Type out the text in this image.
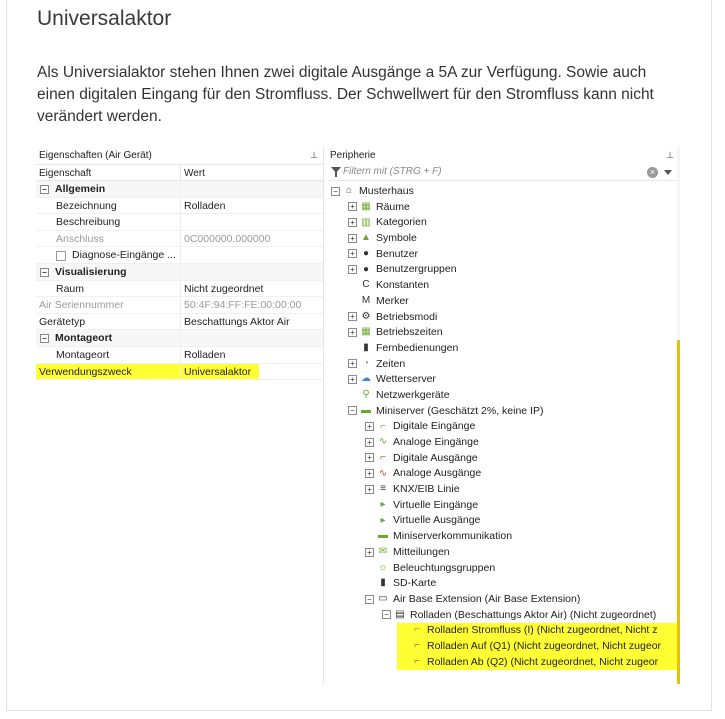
Universalaktor

Als Universialaktor stehen Ihnen zwei digitale Ausgänge a 5A zur Verfügung. Sowie auch einen digitalen Eingang für den Stromfluss. Der Schwellwert für den Stromfluss kann nicht verändert werden.

Eigenschaften (Air Gerät)	⊥
Eigenschaft	Wert
− Allgemein
Bezeichnung	Rolladen
Beschreibung
Anschluss	0C000000.000000
Diagnose-Eingänge ...
− Visualisierung
Raum	Nicht zugeordnet
Air Seriennummer	50:4F:94:FF:FE:00:00:00
Gerätetyp	Beschattungs Aktor Air
− Montageort
Montageort	Rolladen
Verwendungszweck	Universalaktor
Peripherie	⊥
Filtern mit (STRG + F)	×
− ⌂ Musterhaus
+ ▦ Räume
+ ▥ Kategorien
+ ▲ Symbole
+ ● Benutzer
+ ● Benutzergruppen
C Konstanten
M Merker
+ ⚙ Betriebsmodi
+ ▦ Betriebszeiten
▮ Fernbedienungen
+ ◔ Zeiten
+ ☁ Wetterserver
⚲ Netzwerkgeräte
− ▬ Miniserver (Geschätzt 2%, keine IP)
+ ⌐ Digitale Eingänge
+ ∿ Analoge Eingänge
+ ⌐ Digitale Ausgänge
+ ∿ Analoge Ausgänge
+ ≡ KNX/EIB Linie
▸ Virtuelle Eingänge
▸ Virtuelle Ausgänge
▬ Miniserverkommunikation
+ ✉ Mitteilungen
☼ Beleuchtungsgruppen
▮ SD-Karte
− ▭ Air Base Extension (Air Base Extension)
− ▤ Rolladen (Beschattungs Aktor Air) (Nicht zugeordnet)
⌐ Rolladen Stromfluss (I) (Nicht zugeordnet, Nicht z
⌐ Rolladen Auf (Q1) (Nicht zugeordnet, Nicht zugeor
⌐ Rolladen Ab (Q2) (Nicht zugeordnet, Nicht zugeor
